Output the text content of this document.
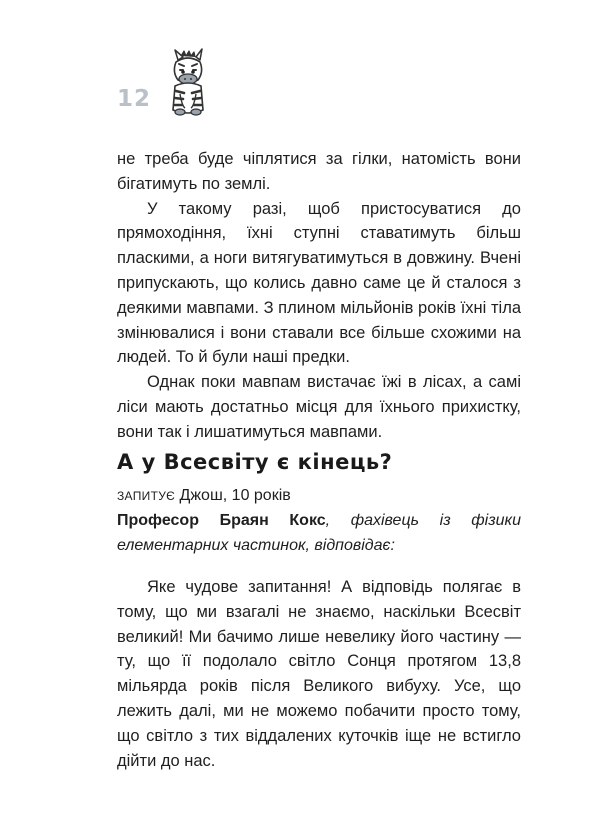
12

не треба буде чіплятися за гілки, натомість вони бігатимуть по землі.

У такому разі, щоб пристосуватися до прямоходіння, їхні ступні ставатимуть більш пласкими, а ноги витягуватимуться в довжину. Вчені припускають, що колись давно саме це й сталося з деякими мавпами. З плином мільйонів років їхні тіла змінювалися і вони ставали все більше схожими на людей. То й були наші предки.

Однак поки мавпам вистачає їжі в лісах, а самі ліси мають достатньо місця для їхнього прихистку, вони так і лишатимуться мавпами.

А у Всесвіту є кінець?
ЗАПИТУЄ Джош, 10 років
Професор Браян Кокс, фахівець із фізики елементарних частинок, відповідає:

Яке чудове запитання! А відповідь полягає в тому, що ми взагалі не знаємо, наскільки Всесвіт великий! Ми бачимо лише невелику його частину — ту, що її подолало світло Сонця протягом 13,8 мільярда років після Великого вибуху. Усе, що лежить далі, ми не можемо побачити просто тому, що світло з тих віддалених куточків іще не встигло дійти до нас.
